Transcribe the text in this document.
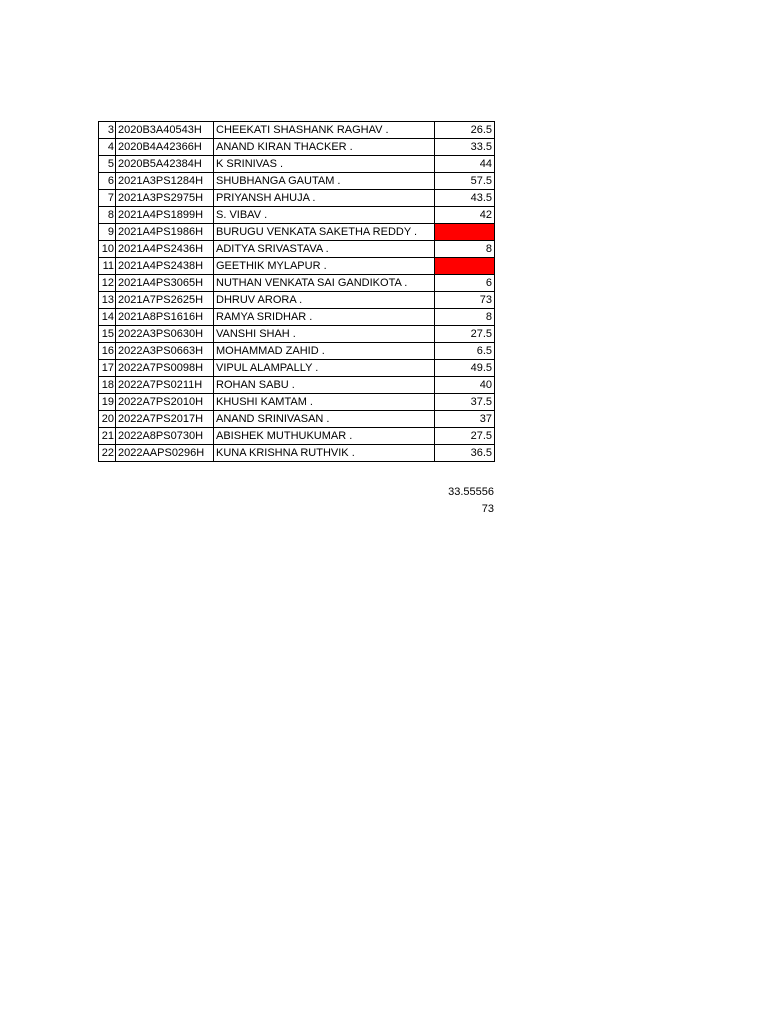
3	2020B3A40543H	CHEEKATI SHASHANK RAGHAV .	26.5
4	2020B4A42366H	ANAND KIRAN THACKER .	33.5
5	2020B5A42384H	K SRINIVAS .	44
6	2021A3PS1284H	SHUBHANGA GAUTAM .	57.5
7	2021A3PS2975H	PRIYANSH AHUJA .	43.5
8	2021A4PS1899H	S. VIBAV .	42
9	2021A4PS1986H	BURUGU VENKATA SAKETHA REDDY .	
10	2021A4PS2436H	ADITYA SRIVASTAVA .	8
11	2021A4PS2438H	GEETHIK MYLAPUR .	
12	2021A4PS3065H	NUTHAN VENKATA SAI GANDIKOTA .	6
13	2021A7PS2625H	DHRUV ARORA .	73
14	2021A8PS1616H	RAMYA SRIDHAR .	8
15	2022A3PS0630H	VANSHI SHAH .	27.5
16	2022A3PS0663H	MOHAMMAD ZAHID .	6.5
17	2022A7PS0098H	VIPUL ALAMPALLY .	49.5
18	2022A7PS0211H	ROHAN SABU .	40
19	2022A7PS2010H	KHUSHI KAMTAM .	37.5
20	2022A7PS2017H	ANAND SRINIVASAN .	37
21	2022A8PS0730H	ABISHEK MUTHUKUMAR .	27.5
22	2022AAPS0296H	KUNA KRISHNA RUTHVIK .	36.5
33.55556
73
